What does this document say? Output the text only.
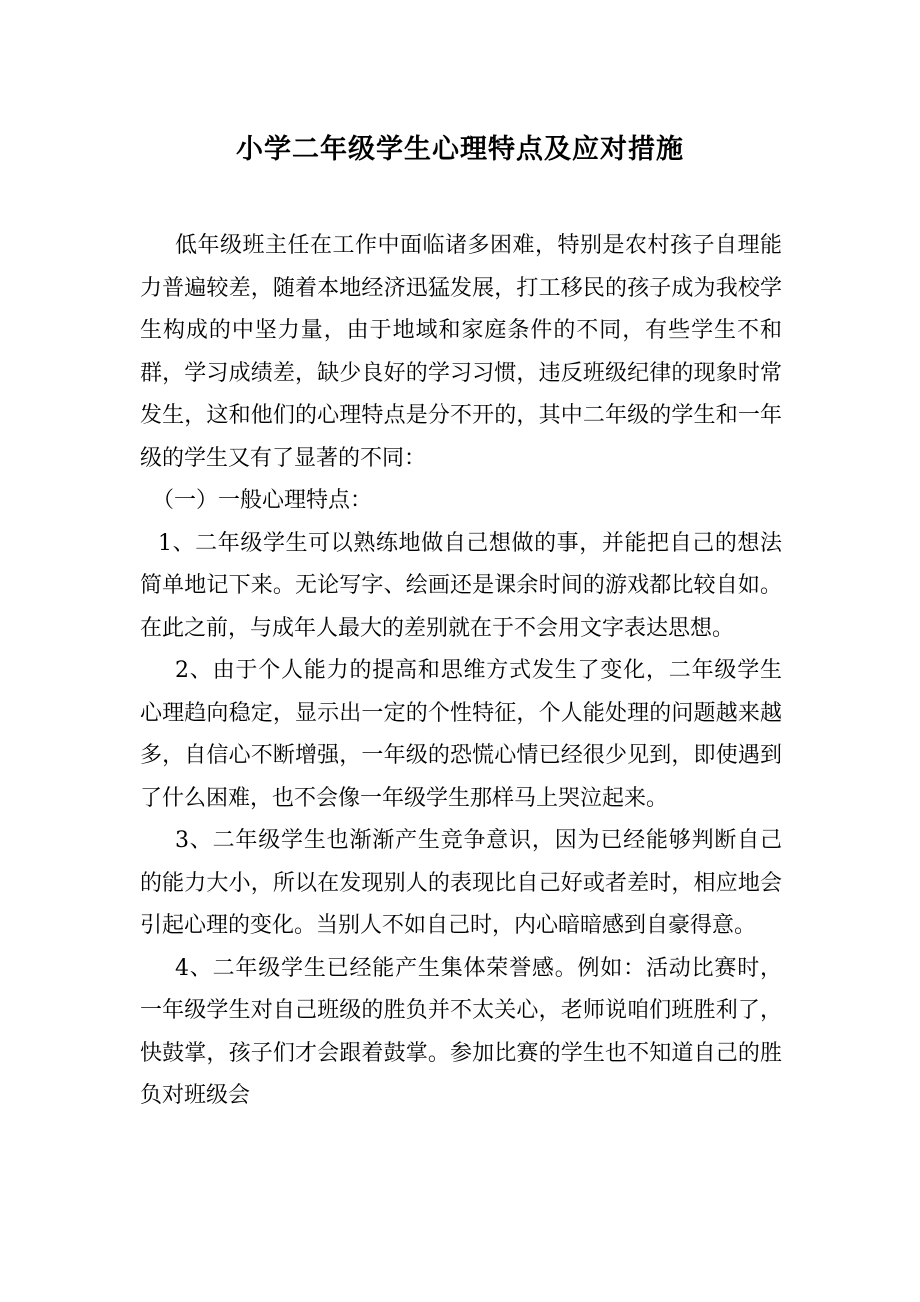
小学二年级学生心理特点及应对措施

低年级班主任在工作中面临诸多困难，特别是农村孩子自理能力普遍较差，随着本地经济迅猛发展，打工移民的孩子成为我校学生构成的中坚力量，由于地域和家庭条件的不同，有些学生不和群，学习成绩差，缺少良好的学习习惯，违反班级纪律的现象时常发生，这和他们的心理特点是分不开的，其中二年级的学生和一年级的学生又有了显著的不同：

（一）一般心理特点：

1、二年级学生可以熟练地做自己想做的事，并能把自己的想法简单地记下来。无论写字、绘画还是课余时间的游戏都比较自如。在此之前，与成年人最大的差别就在于不会用文字表达思想。

2、由于个人能力的提高和思维方式发生了变化，二年级学生心理趋向稳定，显示出一定的个性特征，个人能处理的问题越来越多，自信心不断增强，一年级的恐慌心情已经很少见到，即使遇到了什么困难，也不会像一年级学生那样马上哭泣起来。

3、二年级学生也渐渐产生竞争意识，因为已经能够判断自己的能力大小，所以在发现别人的表现比自己好或者差时，相应地会引起心理的变化。当别人不如自己时，内心暗暗感到自豪得意。

4、二年级学生已经能产生集体荣誉感。例如：活动比赛时，一年级学生对自己班级的胜负并不太关心，老师说咱们班胜利了，快鼓掌，孩子们才会跟着鼓掌。参加比赛的学生也不知道自己的胜负对班级会
